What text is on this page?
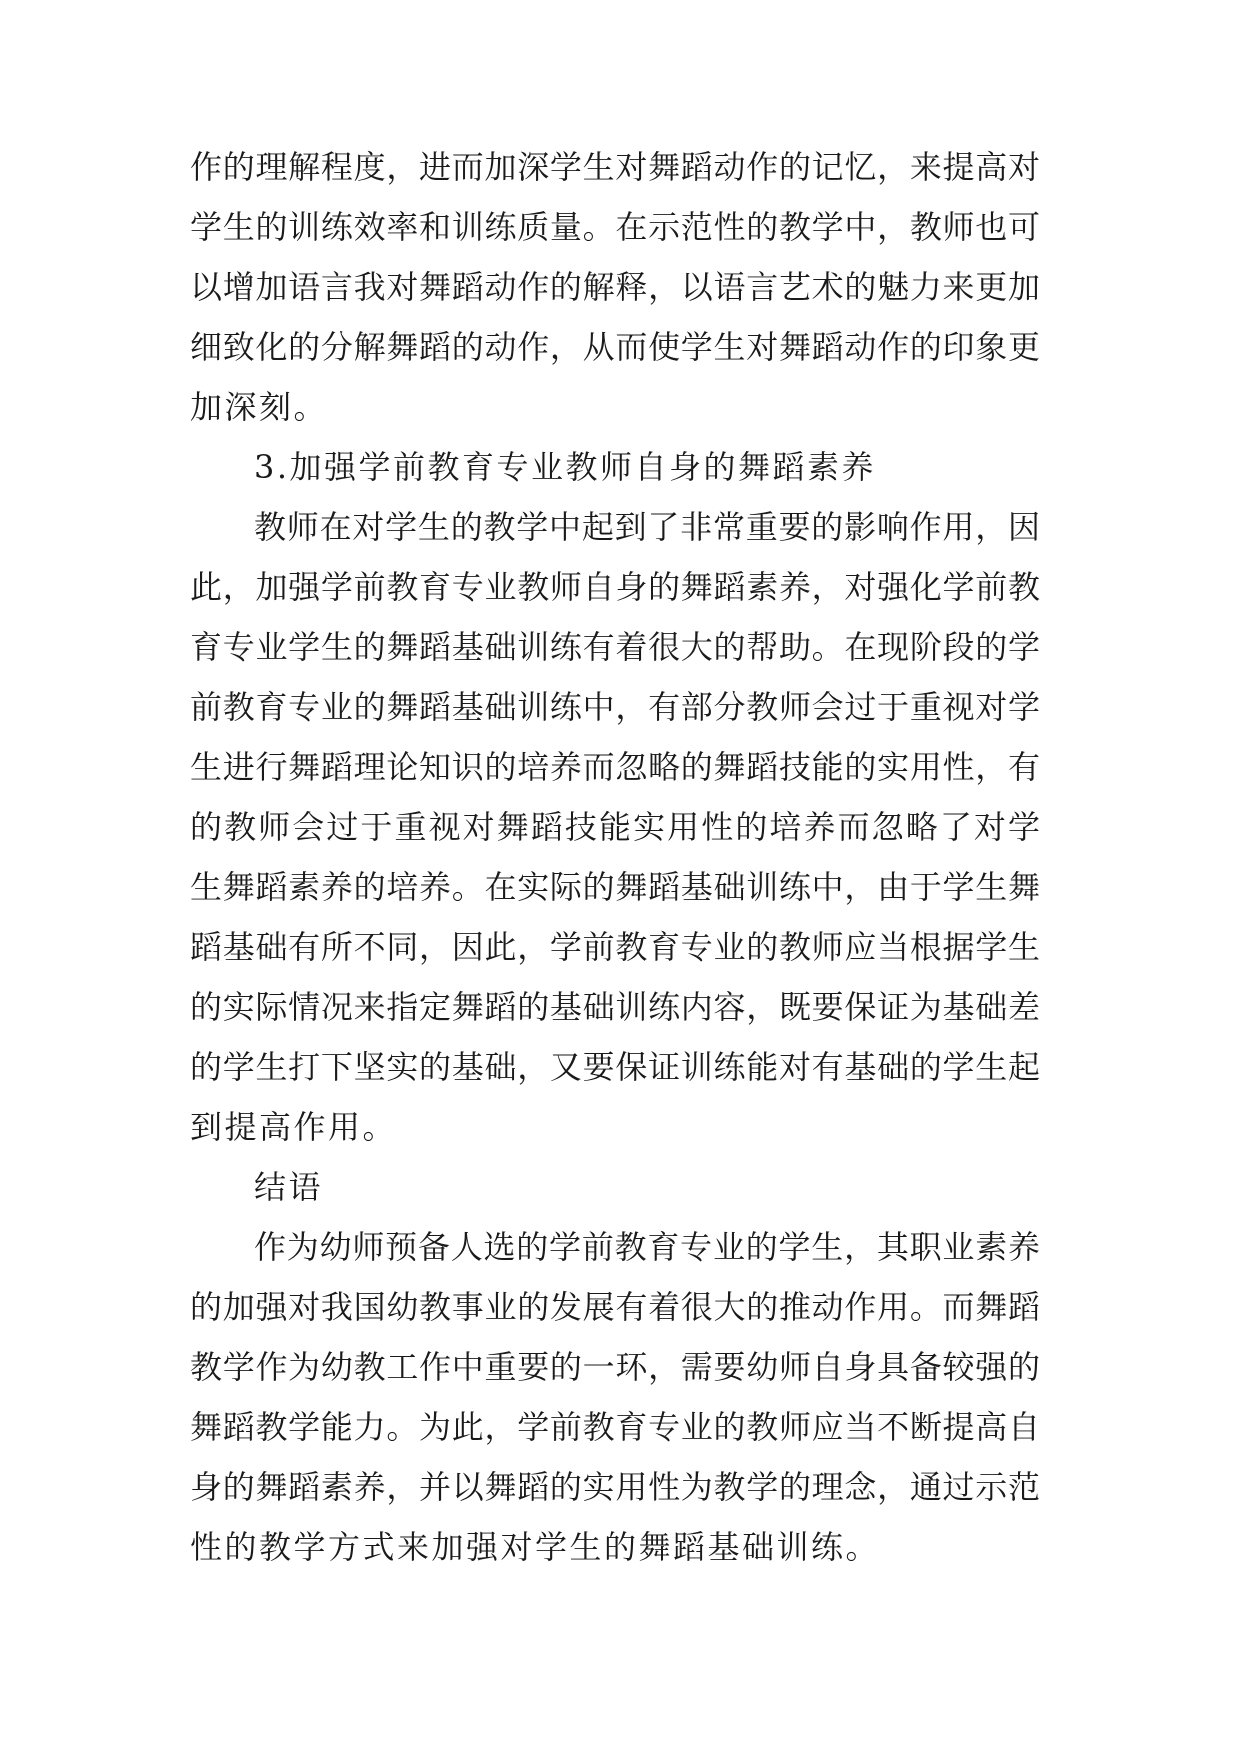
作的理解程度，进而加深学生对舞蹈动作的记忆，来提高对
学生的训练效率和训练质量。在示范性的教学中，教师也可
以增加语言我对舞蹈动作的解释，以语言艺术的魅力来更加
细致化的分解舞蹈的动作，从而使学生对舞蹈动作的印象更
加深刻。
3.加强学前教育专业教师自身的舞蹈素养
教师在对学生的教学中起到了非常重要的影响作用，因
此，加强学前教育专业教师自身的舞蹈素养，对强化学前教
育专业学生的舞蹈基础训练有着很大的帮助。在现阶段的学
前教育专业的舞蹈基础训练中，有部分教师会过于重视对学
生进行舞蹈理论知识的培养而忽略的舞蹈技能的实用性，有
的教师会过于重视对舞蹈技能实用性的培养而忽略了对学
生舞蹈素养的培养。在实际的舞蹈基础训练中，由于学生舞
蹈基础有所不同，因此，学前教育专业的教师应当根据学生
的实际情况来指定舞蹈的基础训练内容，既要保证为基础差
的学生打下坚实的基础，又要保证训练能对有基础的学生起
到提高作用。
结语
作为幼师预备人选的学前教育专业的学生，其职业素养
的加强对我国幼教事业的发展有着很大的推动作用。而舞蹈
教学作为幼教工作中重要的一环，需要幼师自身具备较强的
舞蹈教学能力。为此，学前教育专业的教师应当不断提高自
身的舞蹈素养，并以舞蹈的实用性为教学的理念，通过示范
性的教学方式来加强对学生的舞蹈基础训练。
